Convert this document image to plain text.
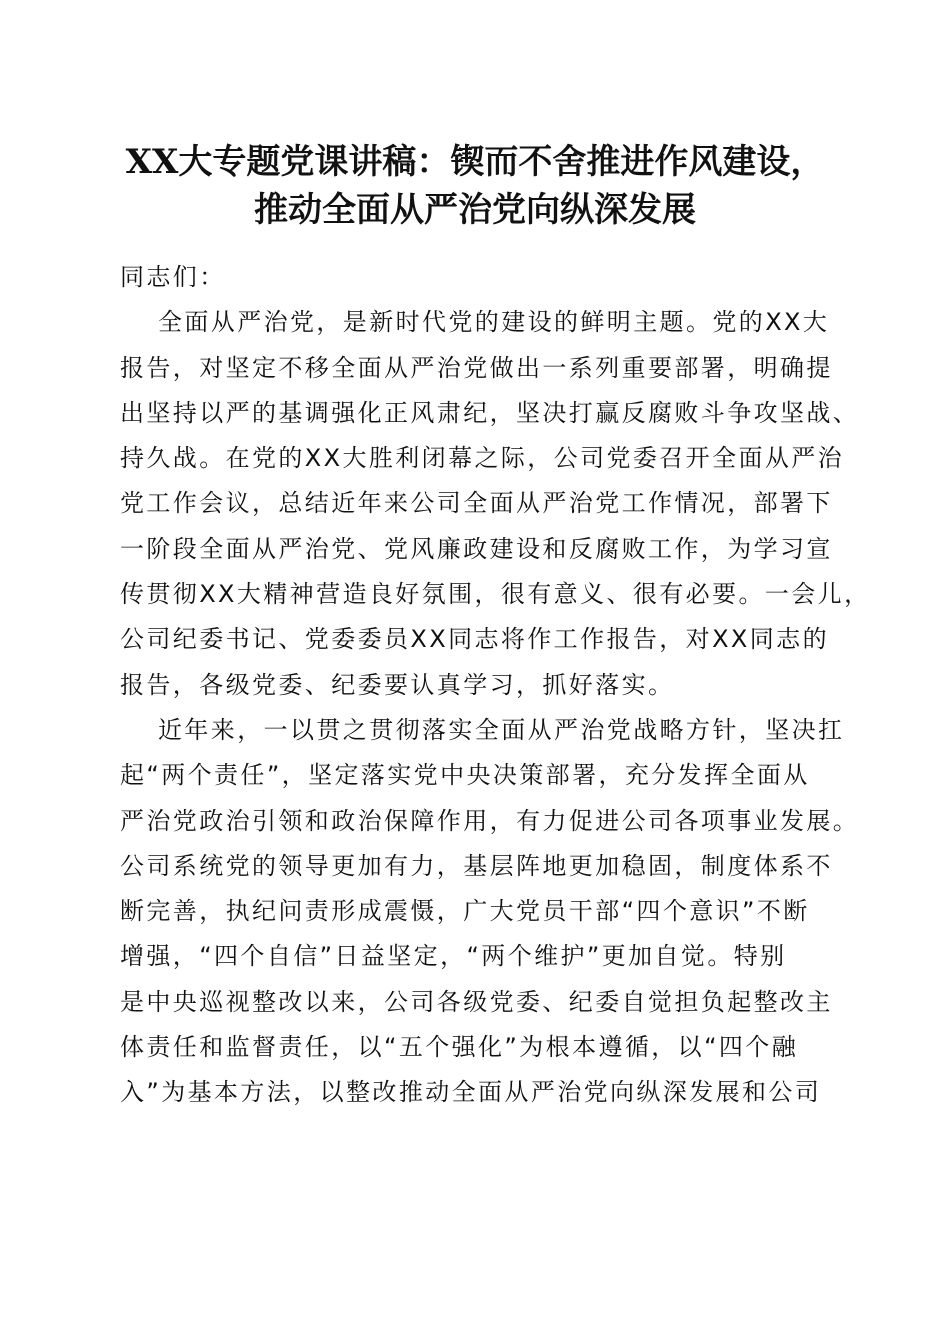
XX大专题党课讲稿：锲而不舍推进作风建设，
推动全面从严治党向纵深发展
同志们：
全面从严治党，是新时代党的建设的鲜明主题。党的XX大
报告，对坚定不移全面从严治党做出一系列重要部署，明确提
出坚持以严的基调强化正风肃纪，坚决打赢反腐败斗争攻坚战、
持久战。在党的XX大胜利闭幕之际，公司党委召开全面从严治
党工作会议，总结近年来公司全面从严治党工作情况，部署下
一阶段全面从严治党、党风廉政建设和反腐败工作，为学习宣
传贯彻XX大精神营造良好氛围，很有意义、很有必要。一会儿，
公司纪委书记、党委委员XX同志将作工作报告，对XX同志的
报告，各级党委、纪委要认真学习，抓好落实。
近年来，一以贯之贯彻落实全面从严治党战略方针，坚决扛
起“两个责任”，坚定落实党中央决策部署，充分发挥全面从
严治党政治引领和政治保障作用，有力促进公司各项事业发展。
公司系统党的领导更加有力，基层阵地更加稳固，制度体系不
断完善，执纪问责形成震慑，广大党员干部“四个意识”不断
增强，“四个自信”日益坚定，“两个维护”更加自觉。特别
是中央巡视整改以来，公司各级党委、纪委自觉担负起整改主
体责任和监督责任，以“五个强化”为根本遵循，以“四个融
入”为基本方法，以整改推动全面从严治党向纵深发展和公司
